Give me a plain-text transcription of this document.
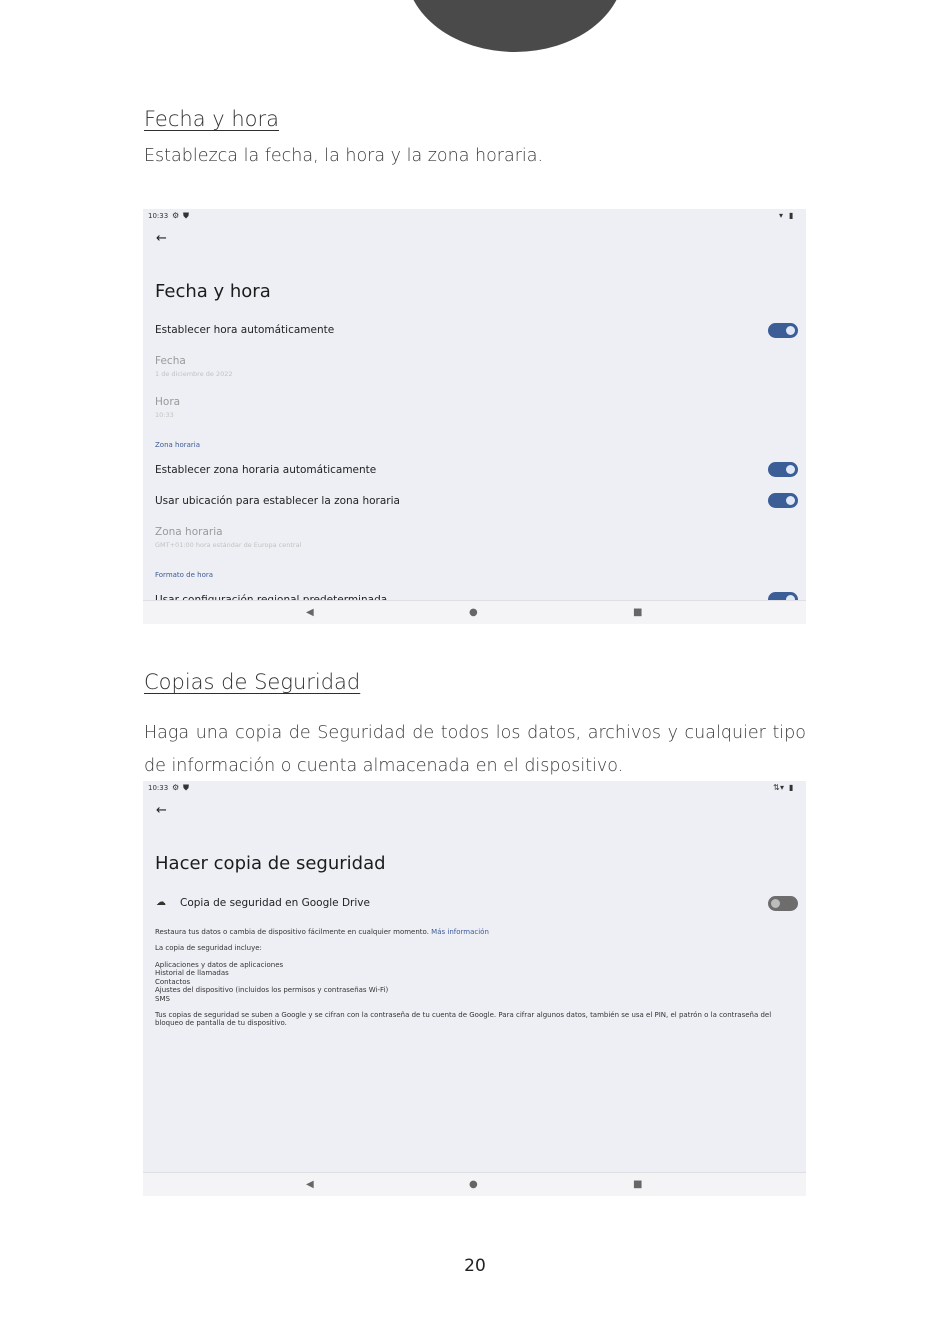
Fecha y hora
Establezca la fecha, la hora y la zona horaria.
10:33 ⚙ ⛊	▾ ▮
←
Fecha y hora
Establecer hora automáticamente
Fecha
1 de diciembre de 2022
Hora
10:33
Zona horaria
Establecer zona horaria automáticamente
Usar ubicación para establecer la zona horaria
Zona horaria
GMT+01:00 hora estándar de Europa central
Formato de hora
◀	●	■
Copias de Seguridad
Haga una copia de Seguridad de todos los datos, archivos y cualquier tipo de información o cuenta almacenada en el dispositivo.
10:33 ⚙ ⛊	⇅ ▾ ▮
←
Hacer copia de seguridad
☁ Copia de seguridad en Google Drive
Restaura tus datos o cambia de dispositivo fácilmente en cualquier momento. Más información
La copia de seguridad incluye:
Aplicaciones y datos de aplicaciones
Historial de llamadas
Contactos
Ajustes del dispositivo (incluidos los permisos y contraseñas Wi-Fi)
SMS
Tus copias de seguridad se suben a Google y se cifran con la contraseña de tu cuenta de Google. Para cifrar algunos datos, también se usa el PIN, el patrón o la contraseña del bloqueo de pantalla de tu dispositivo.
◀	●	■
20
